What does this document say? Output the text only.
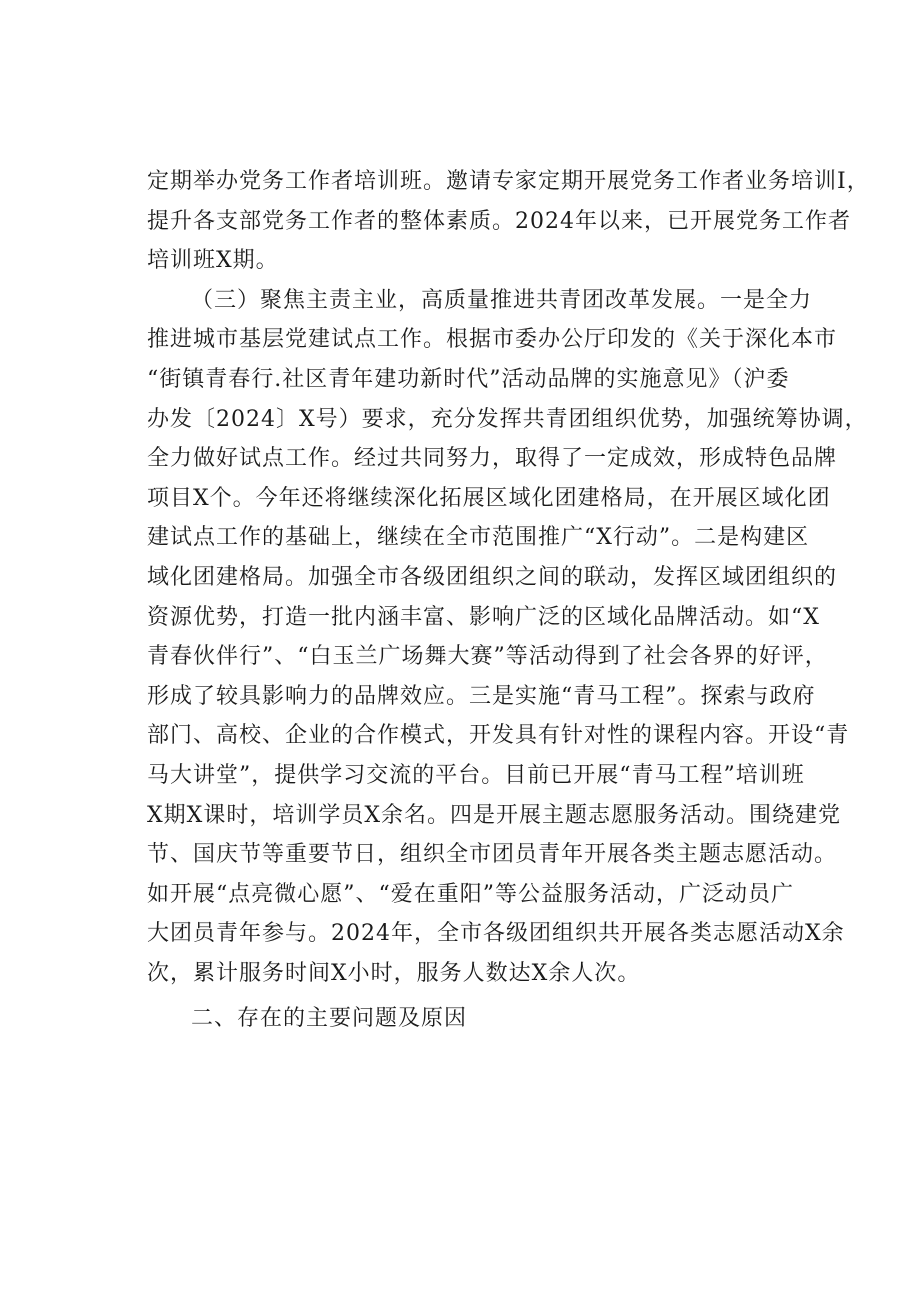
定期举办党务工作者培训班。邀请专家定期开展党务工作者业务培训I，
提升各支部党务工作者的整体素质。2024年以来，已开展党务工作者
培训班X期。
（三）聚焦主责主业，高质量推进共青团改革发展。一是全力
推进城市基层党建试点工作。根据市委办公厅印发的《关于深化本市
“街镇青春行.社区青年建功新时代”活动品牌的实施意见》（沪委
办发〔2024〕X号）要求，充分发挥共青团组织优势，加强统筹协调，
全力做好试点工作。经过共同努力，取得了一定成效，形成特色品牌
项目X个。今年还将继续深化拓展区域化团建格局，在开展区域化团
建试点工作的基础上，继续在全市范围推广“X行动”。二是构建区
域化团建格局。加强全市各级团组织之间的联动，发挥区域团组织的
资源优势，打造一批内涵丰富、影响广泛的区域化品牌活动。如“X
青春伙伴行”、“白玉兰广场舞大赛”等活动得到了社会各界的好评，
形成了较具影响力的品牌效应。三是实施“青马工程”。探索与政府
部门、高校、企业的合作模式，开发具有针对性的课程内容。开设“青
马大讲堂”，提供学习交流的平台。目前已开展“青马工程”培训班
X期X课时，培训学员X余名。四是开展主题志愿服务活动。围绕建党
节、国庆节等重要节日，组织全市团员青年开展各类主题志愿活动。
如开展“点亮微心愿”、“爱在重阳”等公益服务活动，广泛动员广
大团员青年参与。2024年，全市各级团组织共开展各类志愿活动X余
次，累计服务时间X小时，服务人数达X余人次。
二、存在的主要问题及原因
